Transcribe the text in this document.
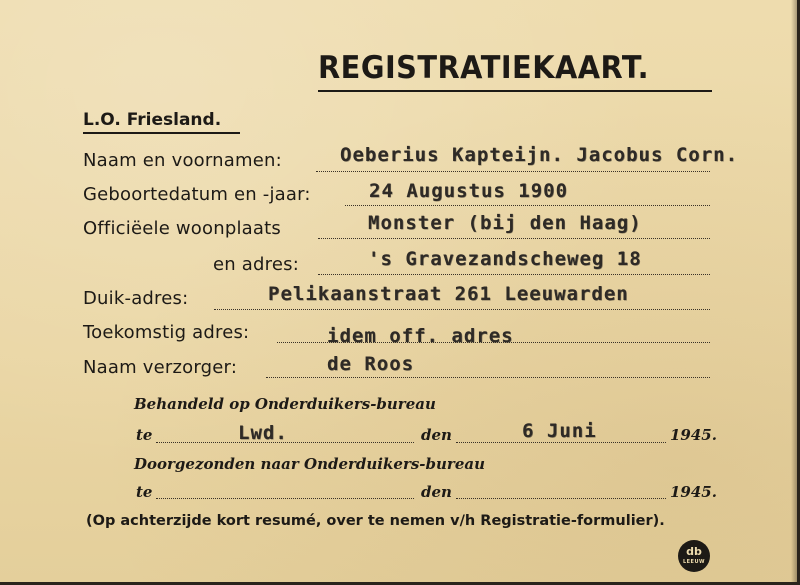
REGISTRATIEKAART.
L.O. Friesland.
Naam en voornamen:	Oeberius Kapteijn. Jacobus Corn.
Geboortedatum en -jaar:	24 Augustus 1900
Officiëele woonplaats	Monster (bij den Haag)
en adres:	's Gravezandscheweg 18
Duik-adres:	Pelikaanstraat 261 Leeuwarden
Toekomstig adres:	idem off. adres
Naam verzorger:	de Roos
Behandeld op Onderduikers-bureau
te	Lwd.	den	6 Juni	1945.
Doorgezonden naar Onderduikers-bureau
te	den	1945.
(Op achterzijde kort resumé, over te nemen v/h Registratie-formulier).
db
LEEUW
